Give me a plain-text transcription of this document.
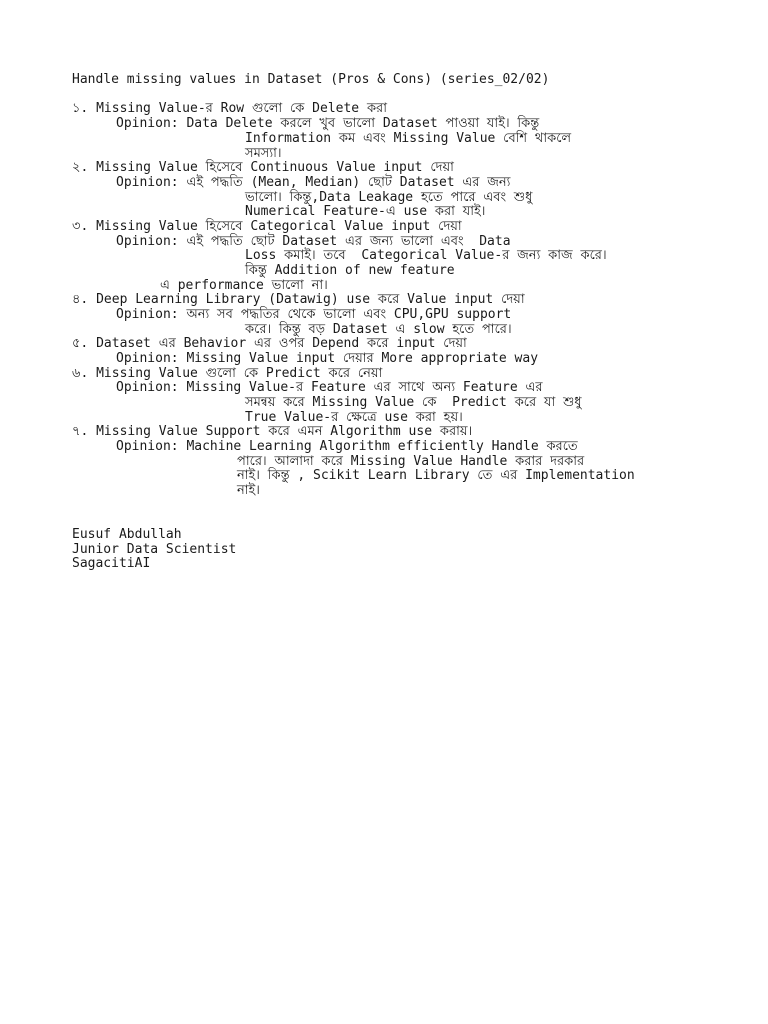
Handle missing values in Dataset (Pros & Cons) (series_02/02)
১. Missing Value-র Row গুলো কে Delete করা
Opinion: Data Delete করলে খুব ভালো Dataset পাওয়া যাই। কিন্তু
Information কম এবং Missing Value বেশি থাকলে
সমস্যা।
২. Missing Value হিসেবে Continuous Value input দেয়া
Opinion: এই পদ্ধতি (Mean, Median) ছোট Dataset এর জন্য
ভালো। কিন্তু,Data Leakage হতে পারে এবং শুধু
Numerical Feature-এ use করা যাই।
৩. Missing Value হিসেবে Categorical Value input দেয়া
Opinion: এই পদ্ধতি ছোট Dataset এর জন্য ভালো এবং  Data
Loss কমাই। তবে  Categorical Value-র জন্য কাজ করে।
কিন্তু Addition of new feature
এ performance ভালো না।
৪. Deep Learning Library (Datawig) use করে Value input দেয়া
Opinion: অন্য সব পদ্ধতির থেকে ভালো এবং CPU,GPU support
করে। কিন্তু বড় Dataset এ slow হতে পারে।
৫. Dataset এর Behavior এর ওপর Depend করে input দেয়া
Opinion: Missing Value input দেয়ার More appropriate way
৬. Missing Value গুলো কে Predict করে নেয়া
Opinion: Missing Value-র Feature এর সাথে অন্য Feature এর
সমন্বয় করে Missing Value কে  Predict করে যা শুধু
True Value-র ক্ষেত্রে use করা হয়।
৭. Missing Value Support করে এমন Algorithm use করায়।
Opinion: Machine Learning Algorithm efficiently Handle করতে
পারে। আলাদা করে Missing Value Handle করার দরকার
নাই। কিন্তু , Scikit Learn Library তে এর Implementation
নাই।
Eusuf Abdullah
Junior Data Scientist
SagacitiAI
